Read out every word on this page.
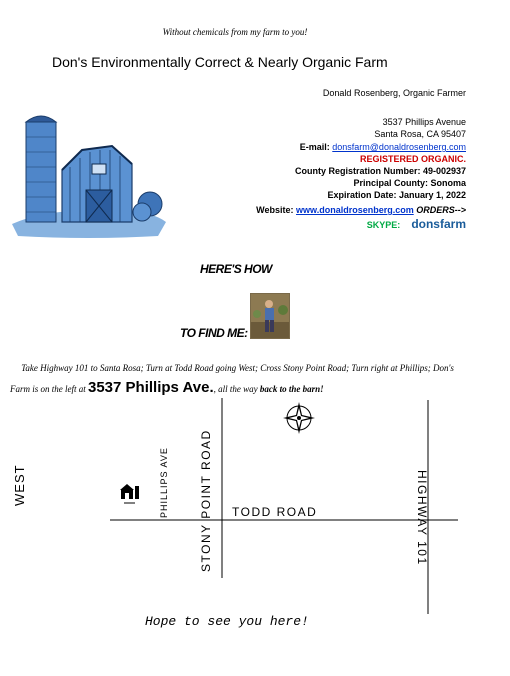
Without chemicals from my farm to you!
Don's Environmentally Correct & Nearly Organic Farm
Donald Rosenberg, Organic Farmer
3537 Phillips Avenue
Santa Rosa, CA 95407
E-mail: donsfarm@donaldrosenberg.com
REGISTERED ORGANIC.
County Registration Number: 49-002937
Principal County: Sonoma
Expiration Date: January 1, 2022
Website: www.donaldrosenberg.com ORDERS-->
SKYPE: donsfarm
HERE'S HOW
TO FIND ME:
Take Highway 101 to Santa Rosa; Turn at Todd Road going West; Cross Stony Point Road; Turn right at Phillips; Don's Farm is on the left at 3537 Phillips Ave., all the way back to the barn!
WEST	PHILLIPS AVE	STONY POINT ROAD TODD ROAD	HIGHWAY 101
Hope to see you here!
